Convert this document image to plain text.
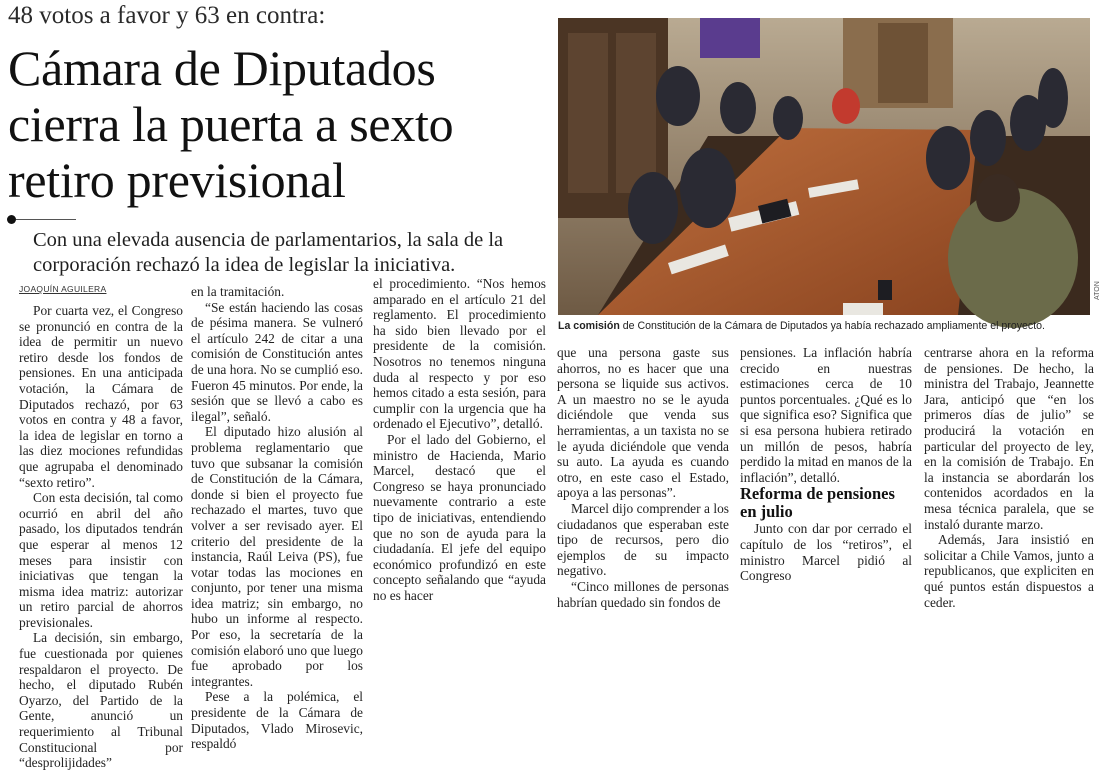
48 votos a favor y 63 en contra:
Cámara de Diputados cierra la puerta a sexto retiro previsional
Con una elevada ausencia de parlamentarios, la sala de la corporación rechazó la idea de legislar la iniciativa.
JOAQUÍN AGUILERA

Por cuarta vez, el Congreso se pronunció en contra de la idea de permitir un nuevo retiro desde los fondos de pensiones. En una anticipada votación, la Cámara de Diputados rechazó, por 63 votos en contra y 48 a favor, la idea de legislar en torno a las diez mociones refundidas que agrupaba el denominado “sexto retiro”.

Con esta decisión, tal como ocurrió en abril del año pasado, los diputados tendrán que esperar al menos 12 meses para insistir con iniciativas que tengan la misma idea matriz: autorizar un retiro parcial de ahorros previsionales.

La decisión, sin embargo, fue cuestionada por quienes respaldaron el proyecto. De hecho, el diputado Rubén Oyarzo, del Partido de la Gente, anunció un requerimiento al Tribunal Constitucional por “desprolijidades”

en la tramitación.

“Se están haciendo las cosas de pésima manera. Se vulneró el artículo 242 de citar a una comisión de Constitución antes de una hora. No se cumplió eso. Fueron 45 minutos. Por ende, la sesión que se llevó a cabo es ilegal”, señaló.

El diputado hizo alusión al problema reglamentario que tuvo que subsanar la comisión de Constitución de la Cámara, donde si bien el proyecto fue rechazado el martes, tuvo que volver a ser revisado ayer. El criterio del presidente de la instancia, Raúl Leiva (PS), fue votar todas las mociones en conjunto, por tener una misma idea matriz; sin embargo, no hubo un informe al respecto. Por eso, la secretaría de la comisión elaboró uno que luego fue aprobado por los integrantes.

Pese a la polémica, el presidente de la Cámara de Diputados, Vlado Mirosevic, respaldó

el procedimiento. “Nos hemos amparado en el artículo 21 del reglamento. El procedimiento ha sido bien llevado por el presidente de la comisión. Nosotros no tenemos ninguna duda al respecto y por eso hemos citado a esta sesión, para cumplir con la urgencia que ha ordenado el Ejecutivo”, detalló.

Por el lado del Gobierno, el ministro de Hacienda, Mario Marcel, destacó que el Congreso se haya pronunciado nuevamente contrario a este tipo de iniciativas, entendiendo que no son de ayuda para la ciudadanía. El jefe del equipo económico profundizó en este concepto señalando que “ayuda no es hacer

ATON
La comisión de Constitución de la Cámara de Diputados ya había rechazado ampliamente el proyecto.

que una persona gaste sus ahorros, no es hacer que una persona se liquide sus activos. A un maestro no se le ayuda diciéndole que venda sus herramientas, a un taxista no se le ayuda diciéndole que venda su auto. La ayuda es cuando otro, en este caso el Estado, apoya a las personas”.

Marcel dijo comprender a los ciudadanos que esperaban este tipo de recursos, pero dio ejemplos de su impacto negativo.

“Cinco millones de personas habrían quedado sin fondos de

pensiones. La inflación habría crecido en nuestras estimaciones cerca de 10 puntos porcentuales. ¿Qué es lo que significa eso? Significa que si esa persona hubiera retirado un millón de pesos, habría perdido la mitad en manos de la inflación”, detalló.

Reforma de pensiones en julio

Junto con dar por cerrado el capítulo de los “retiros”, el ministro Marcel pidió al Congreso

centrarse ahora en la reforma de pensiones. De hecho, la ministra del Trabajo, Jeannette Jara, anticipó que “en los primeros días de julio” se producirá la votación en particular del proyecto de ley, en la comisión de Trabajo. En la instancia se abordarán los contenidos acordados en la mesa técnica paralela, que se instaló durante marzo.

Además, Jara insistió en solicitar a Chile Vamos, junto a republicanos, que expliciten en qué puntos están dispuestos a ceder.
